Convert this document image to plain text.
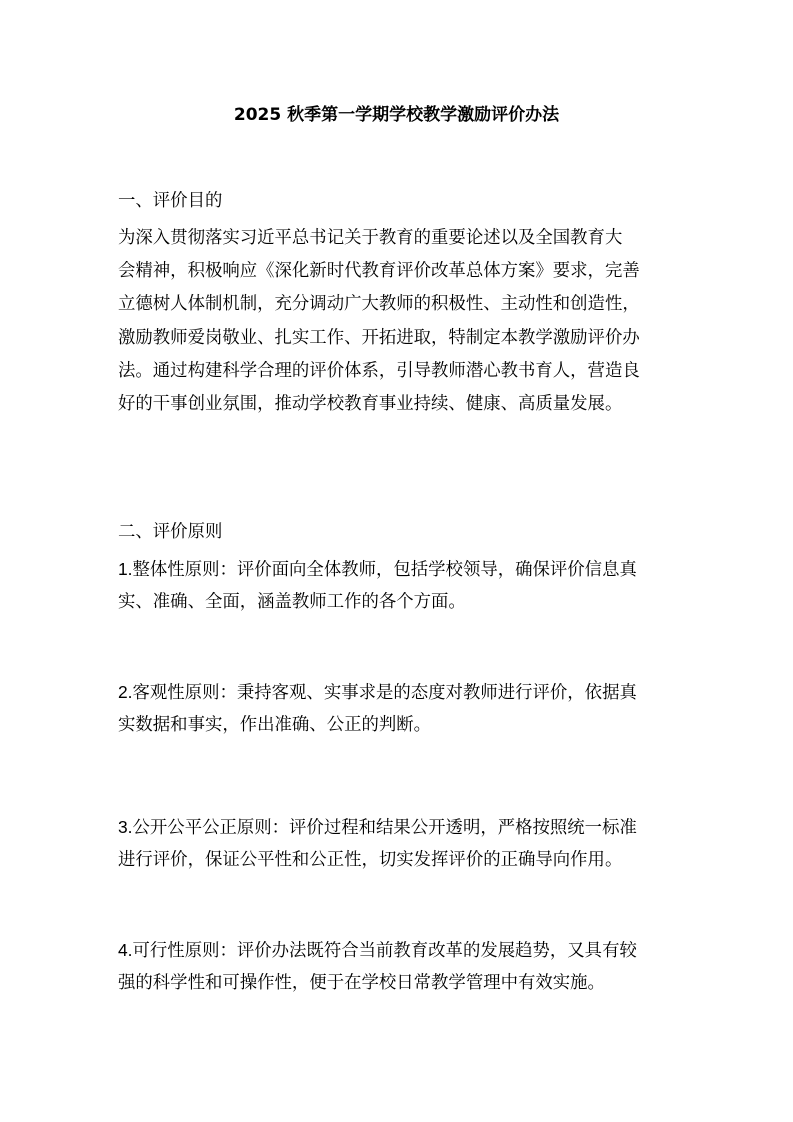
2025 秋季第一学期学校教学激励评价办法
一、评价目的
为深入贯彻落实习近平总书记关于教育的重要论述以及全国教育大
会精神，积极响应《深化新时代教育评价改革总体方案》要求，完善
立德树人体制机制，充分调动广大教师的积极性、主动性和创造性，
激励教师爱岗敬业、扎实工作、开拓进取，特制定本教学激励评价办
法。通过构建科学合理的评价体系，引导教师潜心教书育人，营造良
好的干事创业氛围，推动学校教育事业持续、健康、高质量发展。
二、评价原则
1.整体性原则：评价面向全体教师，包括学校领导，确保评价信息真
实、准确、全面，涵盖教师工作的各个方面。
2.客观性原则：秉持客观、实事求是的态度对教师进行评价，依据真
实数据和事实，作出准确、公正的判断。
3.公开公平公正原则：评价过程和结果公开透明，严格按照统一标准
进行评价，保证公平性和公正性，切实发挥评价的正确导向作用。
4.可行性原则：评价办法既符合当前教育改革的发展趋势，又具有较
强的科学性和可操作性，便于在学校日常教学管理中有效实施。
